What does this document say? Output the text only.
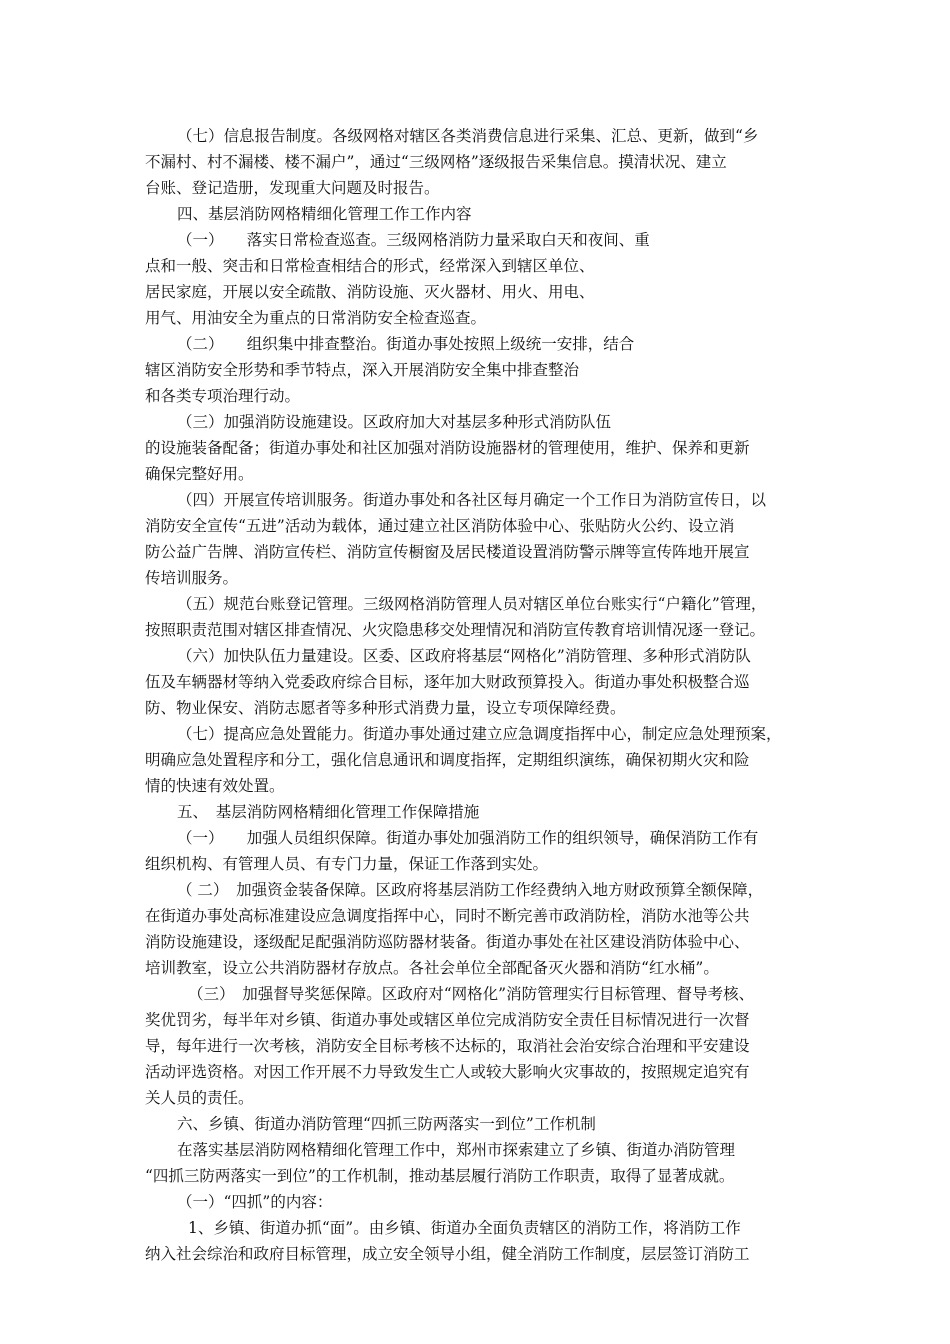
（七）信息报告制度。各级网格对辖区各类消费信息进行采集、汇总、更新，做到“乡
不漏村、村不漏楼、楼不漏户”，通过“三级网格”逐级报告采集信息。摸清状况、建立
台账、登记造册，发现重大问题及时报告。
四、基层消防网格精细化管理工作工作内容
（一）　　落实日常检查巡查。三级网格消防力量采取白天和夜间、重
点和一般、突击和日常检查相结合的形式，经常深入到辖区单位、
居民家庭，开展以安全疏散、消防设施、灭火器材、用火、用电、
用气、用油安全为重点的日常消防安全检查巡查。
（二）　　组织集中排查整治。街道办事处按照上级统一安排，结合
辖区消防安全形势和季节特点，深入开展消防安全集中排查整治
和各类专项治理行动。
（三）加强消防设施建设。区政府加大对基层多种形式消防队伍
的设施装备配备；街道办事处和社区加强对消防设施器材的管理使用，维护、保养和更新
确保完整好用。
（四）开展宣传培训服务。街道办事处和各社区每月确定一个工作日为消防宣传日，以
消防安全宣传“五进”活动为载体，通过建立社区消防体验中心、张贴防火公约、设立消
防公益广告牌、消防宣传栏、消防宣传橱窗及居民楼道设置消防警示牌等宣传阵地开展宣
传培训服务。
（五）规范台账登记管理。三级网格消防管理人员对辖区单位台账实行“户籍化”管理，
按照职责范围对辖区排查情况、火灾隐患移交处理情况和消防宣传教育培训情况逐一登记。
（六）加快队伍力量建设。区委、区政府将基层“网格化”消防管理、多种形式消防队
伍及车辆器材等纳入党委政府综合目标，逐年加大财政预算投入。街道办事处积极整合巡
防、物业保安、消防志愿者等多种形式消费力量，设立专项保障经费。
（七）提高应急处置能力。街道办事处通过建立应急调度指挥中心，制定应急处理预案，
明确应急处置程序和分工，强化信息通讯和调度指挥，定期组织演练，确保初期火灾和险
情的快速有效处置。
五、　基层消防网格精细化管理工作保障措施
（一）　　加强人员组织保障。街道办事处加强消防工作的组织领导，确保消防工作有
组织机构、有管理人员、有专门力量，保证工作落到实处。
（ 二）　加强资金装备保障。区政府将基层消防工作经费纳入地方财政预算全额保障，
在街道办事处高标准建设应急调度指挥中心，同时不断完善市政消防栓，消防水池等公共
消防设施建设，逐级配足配强消防巡防器材装备。街道办事处在社区建设消防体验中心、
培训教室，设立公共消防器材存放点。各社会单位全部配备灭火器和消防“红水桶”。
（三）　加强督导奖惩保障。区政府对“网格化”消防管理实行目标管理、督导考核、
奖优罚劣，每半年对乡镇、街道办事处或辖区单位完成消防安全责任目标情况进行一次督
导，每年进行一次考核，消防安全目标考核不达标的，取消社会治安综合治理和平安建设
活动评选资格。对因工作开展不力导致发生亡人或较大影响火灾事故的，按照规定追究有
关人员的责任。
六、乡镇、街道办消防管理“四抓三防两落实一到位”工作机制
在落实基层消防网格精细化管理工作中，郑州市探索建立了乡镇、街道办消防管理
“四抓三防两落实一到位”的工作机制，推动基层履行消防工作职责，取得了显著成就。
（一）“四抓”的内容：
1、乡镇、街道办抓“面”。由乡镇、街道办全面负责辖区的消防工作，将消防工作
纳入社会综治和政府目标管理，成立安全领导小组，健全消防工作制度，层层签订消防工
